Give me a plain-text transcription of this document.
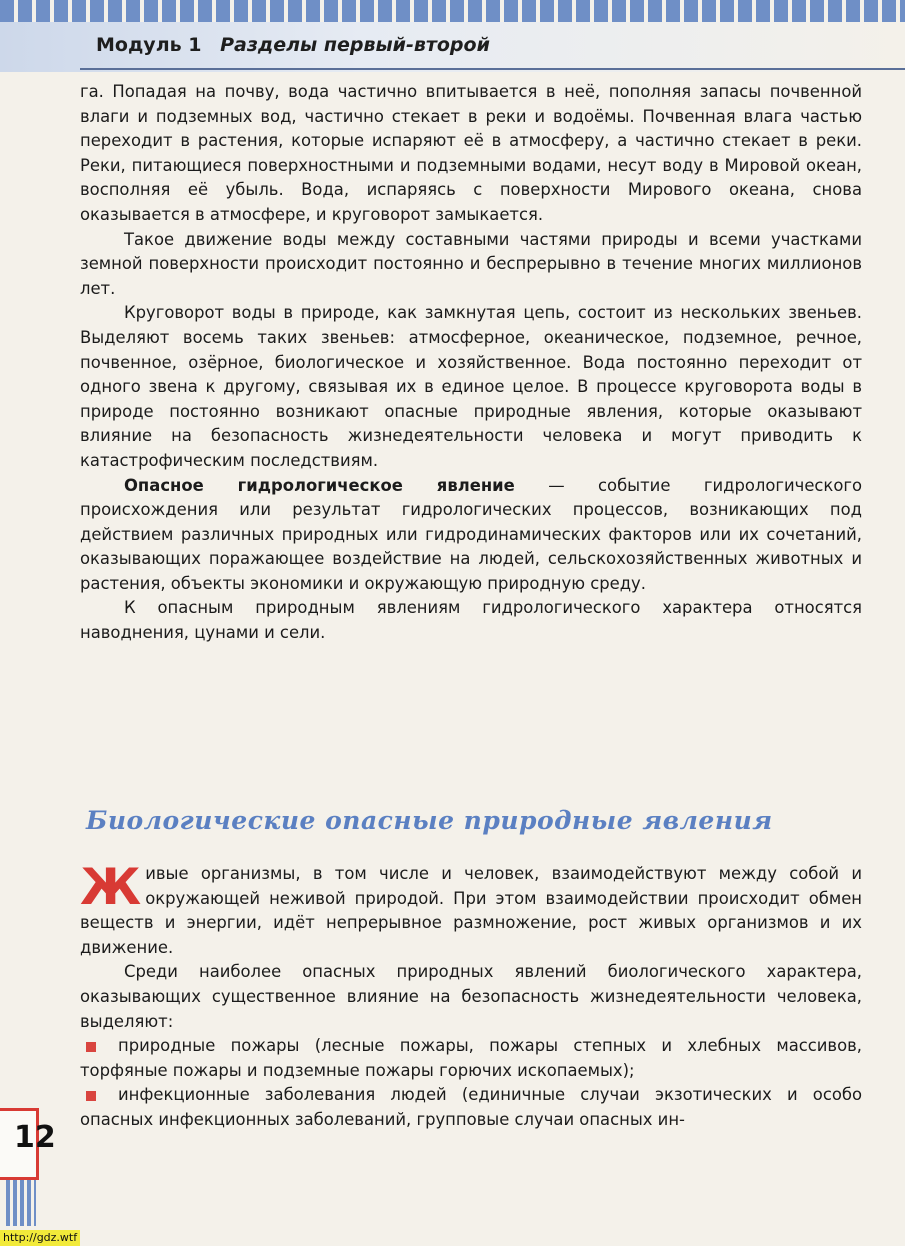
Модуль 1 Разделы первый-второй

га. Попадая на почву, вода частично впитывается в неё, пополняя запасы почвенной влаги и подземных вод, частично стекает в реки и водоёмы. Почвенная влага частью переходит в растения, которые испаряют её в атмосферу, а частично стекает в реки. Реки, питающиеся поверхностными и подземными водами, несут воду в Мировой океан, восполняя её убыль. Вода, испаряясь с поверхности Мирового океана, снова оказывается в атмосфере, и круговорот замыкается.

Такое движение воды между составными частями природы и всеми участками земной поверхности происходит постоянно и беспрерывно в течение многих миллионов лет.

Круговорот воды в природе, как замкнутая цепь, состоит из нескольких звеньев. Выделяют восемь таких звеньев: атмосферное, океаническое, подземное, речное, почвенное, озёрное, биологическое и хозяйственное. Вода постоянно переходит от одного звена к другому, связывая их в единое целое. В процессе круговорота воды в природе постоянно возникают опасные природные явления, которые оказывают влияние на безопасность жизнедеятельности человека и могут приводить к катастрофическим последствиям.

Опасное гидрологическое явление — событие гидрологического происхождения или результат гидрологических процессов, возникающих под действием различных природных или гидродинамических факторов или их сочетаний, оказывающих поражающее воздействие на людей, сельскохозяйственных животных и растения, объекты экономики и окружающую природную среду.

К опасным природным явлениям гидрологического характера относятся наводнения, цунами и сели.

Биологические опасные природные явления

Живые организмы, в том числе и человек, взаимодействуют между собой и окружающей неживой природой. При этом взаимодействии происходит обмен веществ и энергии, идёт непрерывное размножение, рост живых организмов и их движение.

Среди наиболее опасных природных явлений биологического характера, оказывающих существенное влияние на безопасность жизнедеятельности человека, выделяют:

природные пожары (лесные пожары, пожары степных и хлебных массивов, торфяные пожары и подземные пожары горючих ископаемых);

инфекционные заболевания людей (единичные случаи экзотических и особо опасных инфекционных заболеваний, групповые случаи опасных ин-

12
http://gdz.wtf
